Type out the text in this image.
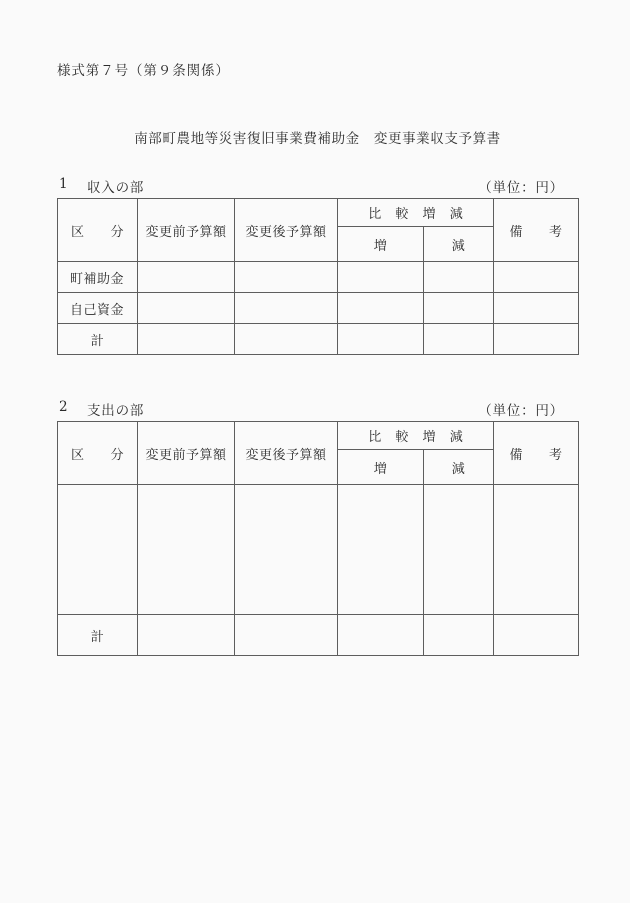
様式第７号（第９条関係）
南部町農地等災害復旧事業費補助金　変更事業収支予算書
1 収入の部	（単位：円）
区 分	変更前予算額	変更後予算額	比 較 増 減		備 考
			増	減	
町補助金					
自己資金					
計					
2 支出の部	（単位：円）
区 分	変更前予算額	変更後予算額	比 較 増 減		備 考
			増	減	

計					
